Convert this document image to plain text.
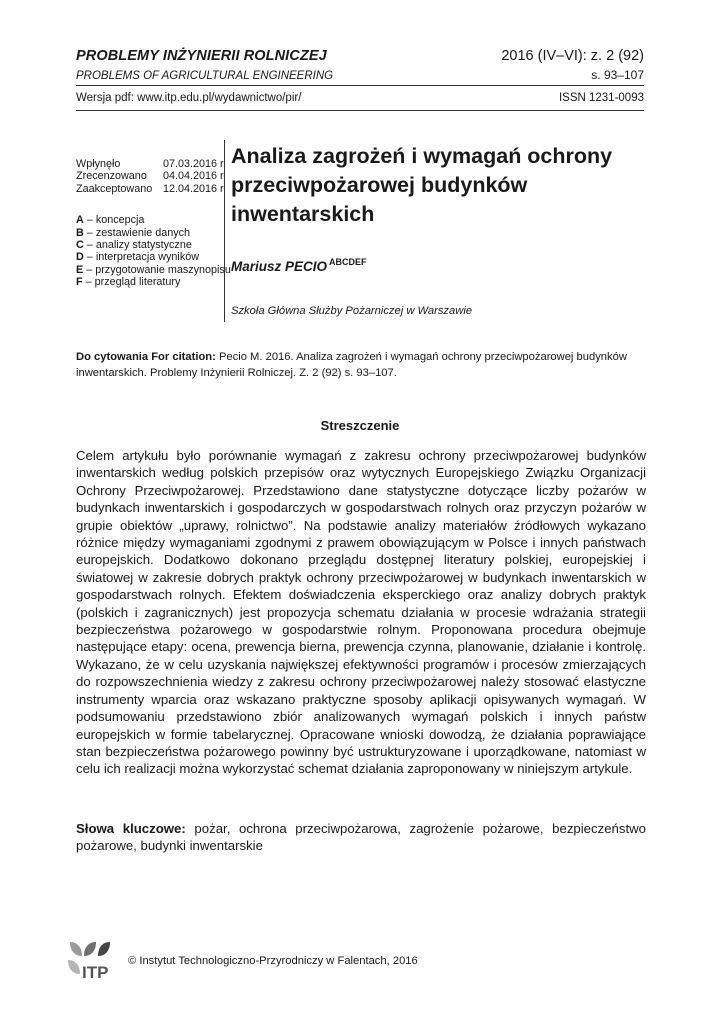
PROBLEMY INŻYNIERII ROLNICZEJ	2016 (IV–VI): z. 2 (92)
PROBLEMS OF AGRICULTURAL ENGINEERING	s. 93–107
Wersja pdf: www.itp.edu.pl/wydawnictwo/pir/	ISSN 1231-0093
Wpłynęło	07.03.2016 r.
Zrecenzowano	04.04.2016 r.
Zaakceptowano 12.04.2016 r.
A – koncepcja
B – zestawienie danych
C – analizy statystyczne
D – interpretacja wyników
E – przygotowanie maszynopisu
F – przegląd literatury
Analiza zagrożeń i wymagań ochrony przeciwpożarowej budynków inwentarskich
Mariusz PECIO $^{ABCDEF}$
Szkoła Główna Służby Pożarniczej w Warszawie
Do cytowania For citation: Pecio M. 2016. Analiza zagrożeń i wymagań ochrony przeciwpożarowej budynków inwentarskich. Problemy Inżynierii Rolniczej. Z. 2 (92) s. 93–107.
Streszczenie

Celem artykułu było porównanie wymagań z zakresu ochrony przeciwpożarowej budynków inwentarskich według polskich przepisów oraz wytycznych Europejskiego Związku Organizacji Ochrony Przeciwpożarowej. Przedstawiono dane statystyczne dotyczące liczby pożarów w budynkach inwentarskich i gospodarczych w gospodarstwach rolnych oraz przyczyn pożarów w grupie obiektów „uprawy, rolnictwo”. Na podstawie analizy materiałów źródłowych wykazano różnice między wymaganiami zgodnymi z prawem obowiązującym w Polsce i innych państwach europejskich. Dodatkowo dokonano przeglądu dostępnej literatury polskiej, europejskiej i światowej w zakresie dobrych praktyk ochrony przeciwpożarowej w budynkach inwentarskich w gospodarstwach rolnych. Efektem doświadczenia eksperckiego oraz analizy dobrych praktyk (polskich i zagranicznych) jest propozycja schematu działania w procesie wdrażania strategii bezpieczeństwa pożarowego w gospodarstwie rolnym. Proponowana procedura obejmuje następujące etapy: ocena, prewencja bierna, prewencja czynna, planowanie, działanie i kontrolę. Wykazano, że w celu uzyskania największej efektywności programów i procesów zmierzających do rozpowszechnienia wiedzy z zakresu ochrony przeciwpożarowej należy stosować elastyczne instrumenty wparcia oraz wskazano praktyczne sposoby aplikacji opisywanych wymagań. W podsumowaniu przedstawiono zbiór analizowanych wymagań polskich i innych państw europejskich w formie tabelarycznej. Opracowane wnioski dowodzą, że działania poprawiające stan bezpieczeństwa pożarowego powinny być ustrukturyzowane i uporządkowane, natomiast w celu ich realizacji można wykorzystać schemat działania zaproponowany w niniejszym artykule.

Słowa kluczowe: pożar, ochrona przeciwpożarowa, zagrożenie pożarowe, bezpieczeństwo pożarowe, budynki inwentarskie

ITP
© Instytut Technologiczno-Przyrodniczy w Falentach, 2016
